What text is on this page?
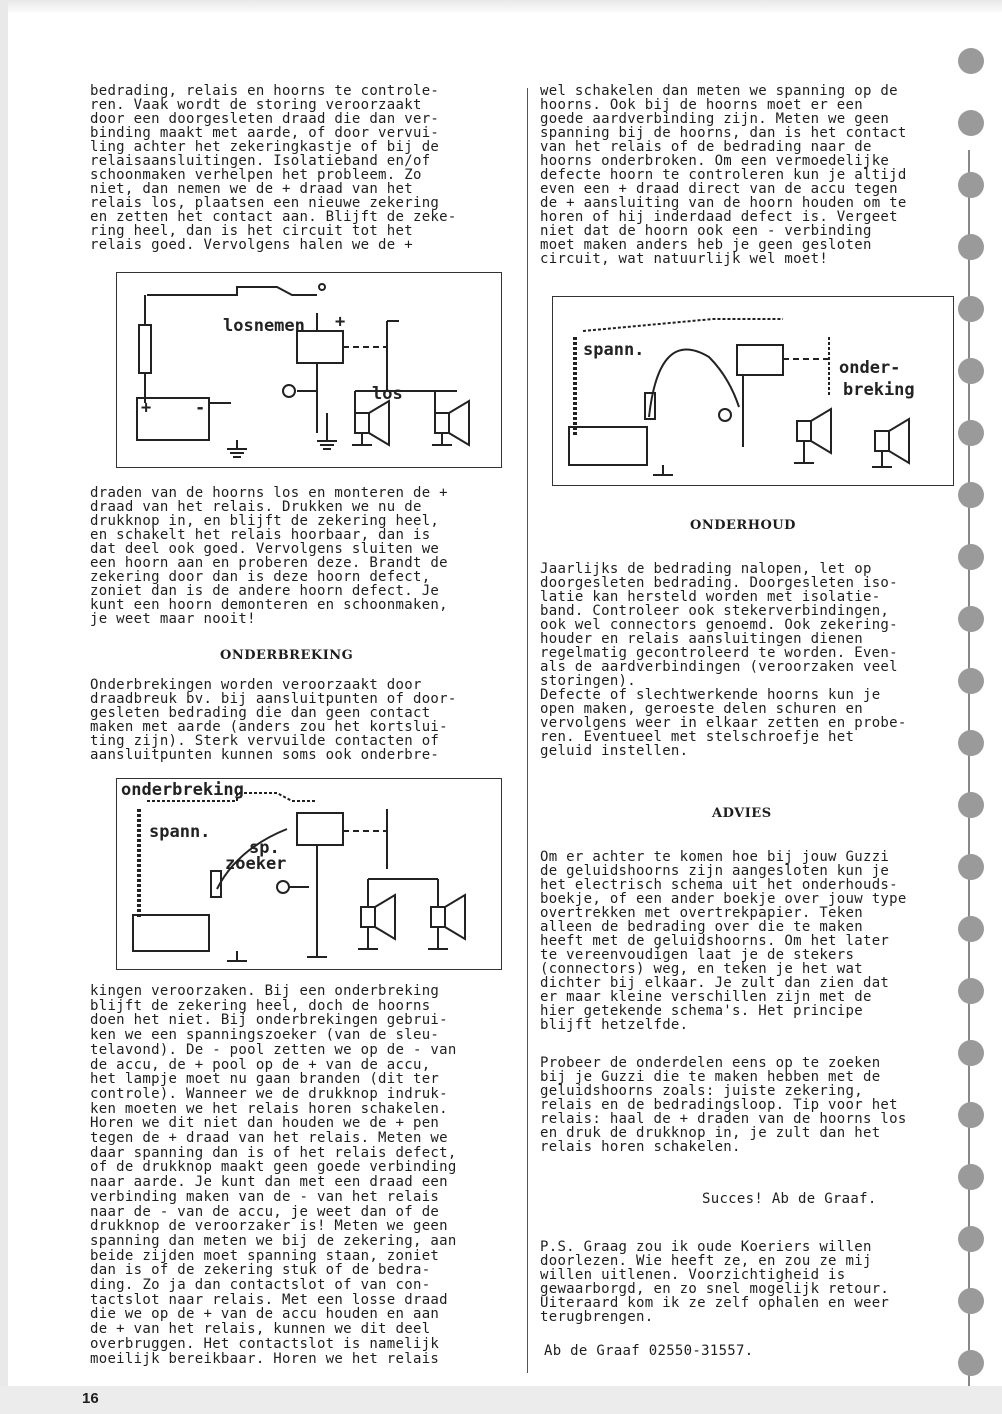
bedrading, relais en hoorns te controle-
ren. Vaak wordt de storing veroorzaakt
door een doorgesleten draad die dan ver-
binding maakt met aarde, of door vervui-
ling achter het zekeringkastje of bij de
relaisaansluitingen. Isolatieband en/of
schoonmaken verhelpen het probleem. Zo
niet, dan nemen we de + draad van het
relais los, plaatsen een nieuwe zekering
en zetten het contact aan. Blijft de zeke-
ring heel, dan is het circuit tot het
relais goed. Vervolgens halen we de +
losnemen +
los
+	-
draden van de hoorns los en monteren de +
draad van het relais. Drukken we nu de
drukknop in, en blijft de zekering heel,
en schakelt het relais hoorbaar, dan is
dat deel ook goed. Vervolgens sluiten we
een hoorn aan en proberen deze. Brandt de
zekering door dan is deze hoorn defect,
zoniet dan is de andere hoorn defect. Je
kunt een hoorn demonteren en schoonmaken,
je weet maar nooit!
ONDERBREKING
Onderbrekingen worden veroorzaakt door
draadbreuk bv. bij aansluitpunten of door-
gesleten bedrading die dan geen contact
maken met aarde (anders zou het kortslui-
ting zijn). Sterk vervuilde contacten of
aansluitpunten kunnen soms ook onderbre-
onderbreking
spann.
sp.
zoeker
kingen veroorzaken. Bij een onderbreking
blijft de zekering heel, doch de hoorns
doen het niet. Bij onderbrekingen gebrui-
ken we een spanningszoeker (van de sleu-
telavond). De - pool zetten we op de - van
de accu, de + pool op de + van de accu,
het lampje moet nu gaan branden (dit ter
controle). Wanneer we de drukknop indruk-
ken moeten we het relais horen schakelen.
Horen we dit niet dan houden we de + pen
tegen de + draad van het relais. Meten we
daar spanning dan is of het relais defect,
of de drukknop maakt geen goede verbinding
naar aarde. Je kunt dan met een draad een
verbinding maken van de - van het relais
naar de - van de accu, je weet dan of de
drukknop de veroorzaker is! Meten we geen
spanning dan meten we bij de zekering, aan
beide zijden moet spanning staan, zoniet
dan is of de zekering stuk of de bedra-
ding. Zo ja dan contactslot of van con-
tactslot naar relais. Met een losse draad
die we op de + van de accu houden en aan
de + van het relais, kunnen we dit deel
overbruggen. Het contactslot is namelijk
moeilijk bereikbaar. Horen we het relais
wel schakelen dan meten we spanning op de
hoorns. Ook bij de hoorns moet er een
goede aardverbinding zijn. Meten we geen
spanning bij de hoorns, dan is het contact
van het relais of de bedrading naar de
hoorns onderbroken. Om een vermoedelijke
defecte hoorn te controleren kun je altijd
even een + draad direct van de accu tegen
de + aansluiting van de hoorn houden om te
horen of hij inderdaad defect is. Vergeet
niet dat de hoorn ook een - verbinding
moet maken anders heb je geen gesloten
circuit, wat natuurlijk wel moet!
spann.
onder-
breking
ONDERHOUD
Jaarlijks de bedrading nalopen, let op
doorgesleten bedrading. Doorgesleten iso-
latie kan hersteld worden met isolatie-
band. Controleer ook stekerverbindingen,
ook wel connectors genoemd. Ook zekering-
houder en relais aansluitingen dienen
regelmatig gecontroleerd te worden. Even-
als de aardverbindingen (veroorzaken veel
storingen).
Defecte of slechtwerkende hoorns kun je
open maken, geroeste delen schuren en
vervolgens weer in elkaar zetten en probe-
ren. Eventueel met stelschroefje het
geluid instellen.
ADVIES
Om er achter te komen hoe bij jouw Guzzi
de geluidshoorns zijn aangesloten kun je
het electrisch schema uit het onderhouds-
boekje, of een ander boekje over jouw type
overtrekken met overtrekpapier. Teken
alleen de bedrading over die te maken
heeft met de geluidshoorns. Om het later
te vereenvoudigen laat je de stekers
(connectors) weg, en teken je het wat
dichter bij elkaar. Je zult dan zien dat
er maar kleine verschillen zijn met de
hier getekende schema's. Het principe
blijft hetzelfde.
Probeer de onderdelen eens op te zoeken
bij je Guzzi die te maken hebben met de
geluidshoorns zoals: juiste zekering,
relais en de bedradingsloop. Tip voor het
relais: haal de + draden van de hoorns los
en druk de drukknop in, je zult dan het
relais horen schakelen.
Succes! Ab de Graaf.
P.S. Graag zou ik oude Koeriers willen
doorlezen. Wie heeft ze, en zou ze mij
willen uitlenen. Voorzichtigheid is
gewaarborgd, en zo snel mogelijk retour.
Uiteraard kom ik ze zelf ophalen en weer
terugbrengen.
Ab de Graaf 02550-31557.
16
